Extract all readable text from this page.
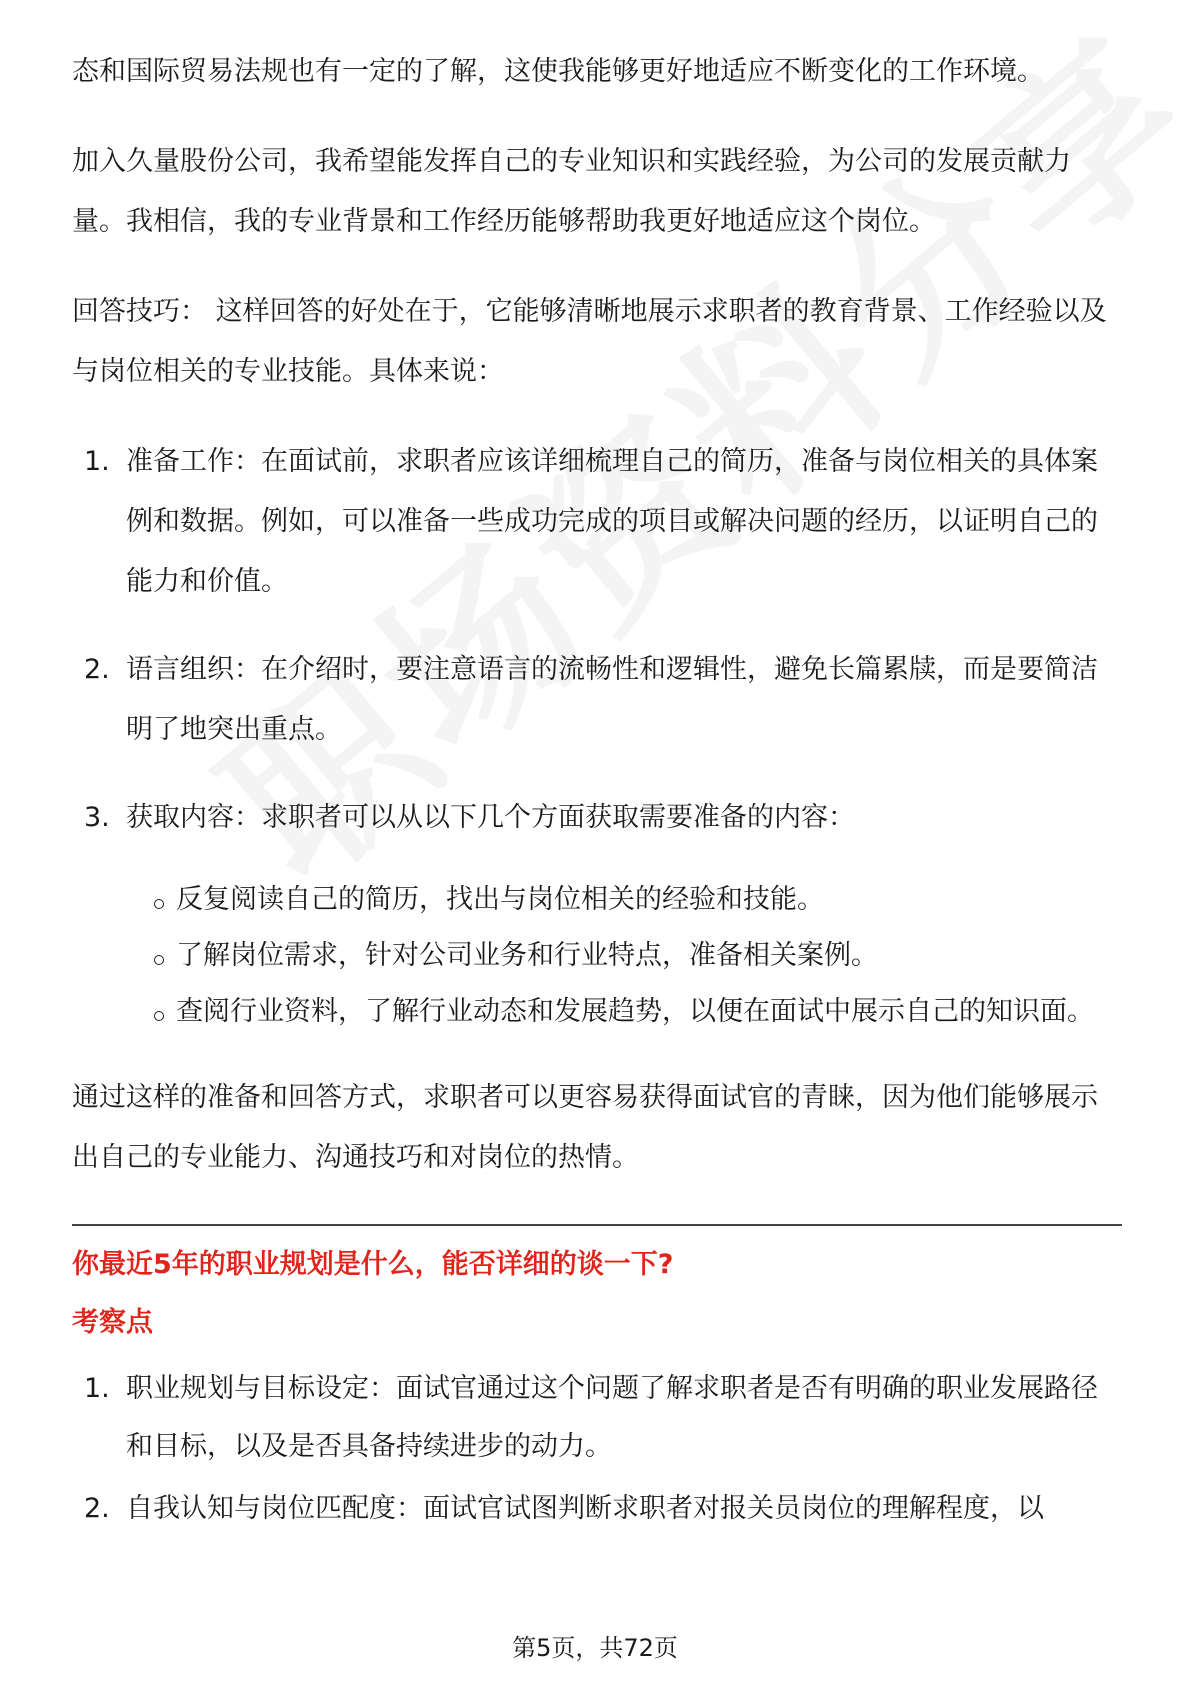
态和国际贸易法规也有一定的了解，这使我能够更好地适应不断变化的工作环境。

加入久量股份公司，我希望能发挥自己的专业知识和实践经验，为公司的发展贡献力量。我相信，我的专业背景和工作经历能够帮助我更好地适应这个岗位。

回答技巧： 这样回答的好处在于，它能够清晰地展示求职者的教育背景、工作经验以及与岗位相关的专业技能。具体来说：

1. 准备工作：在面试前，求职者应该详细梳理自己的简历，准备与岗位相关的具体案例和数据。例如，可以准备一些成功完成的项目或解决问题的经历，以证明自己的能力和价值。
2. 语言组织：在介绍时，要注意语言的流畅性和逻辑性，避免长篇累牍，而是要简洁明了地突出重点。
3. 获取内容：求职者可以从以下几个方面获取需要准备的内容：
反复阅读自己的简历，找出与岗位相关的经验和技能。
了解岗位需求，针对公司业务和行业特点，准备相关案例。
查阅行业资料，了解行业动态和发展趋势，以便在面试中展示自己的知识面。

通过这样的准备和回答方式，求职者可以更容易获得面试官的青睐，因为他们能够展示出自己的专业能力、沟通技巧和对岗位的热情。

你最近5年的职业规划是什么，能否详细的谈一下?

考察点

1. 职业规划与目标设定：面试官通过这个问题了解求职者是否有明确的职业发展路径和目标，以及是否具备持续进步的动力。
2. 自我认知与岗位匹配度：面试官试图判断求职者对报关员岗位的理解程度，以
第5页，共72页
